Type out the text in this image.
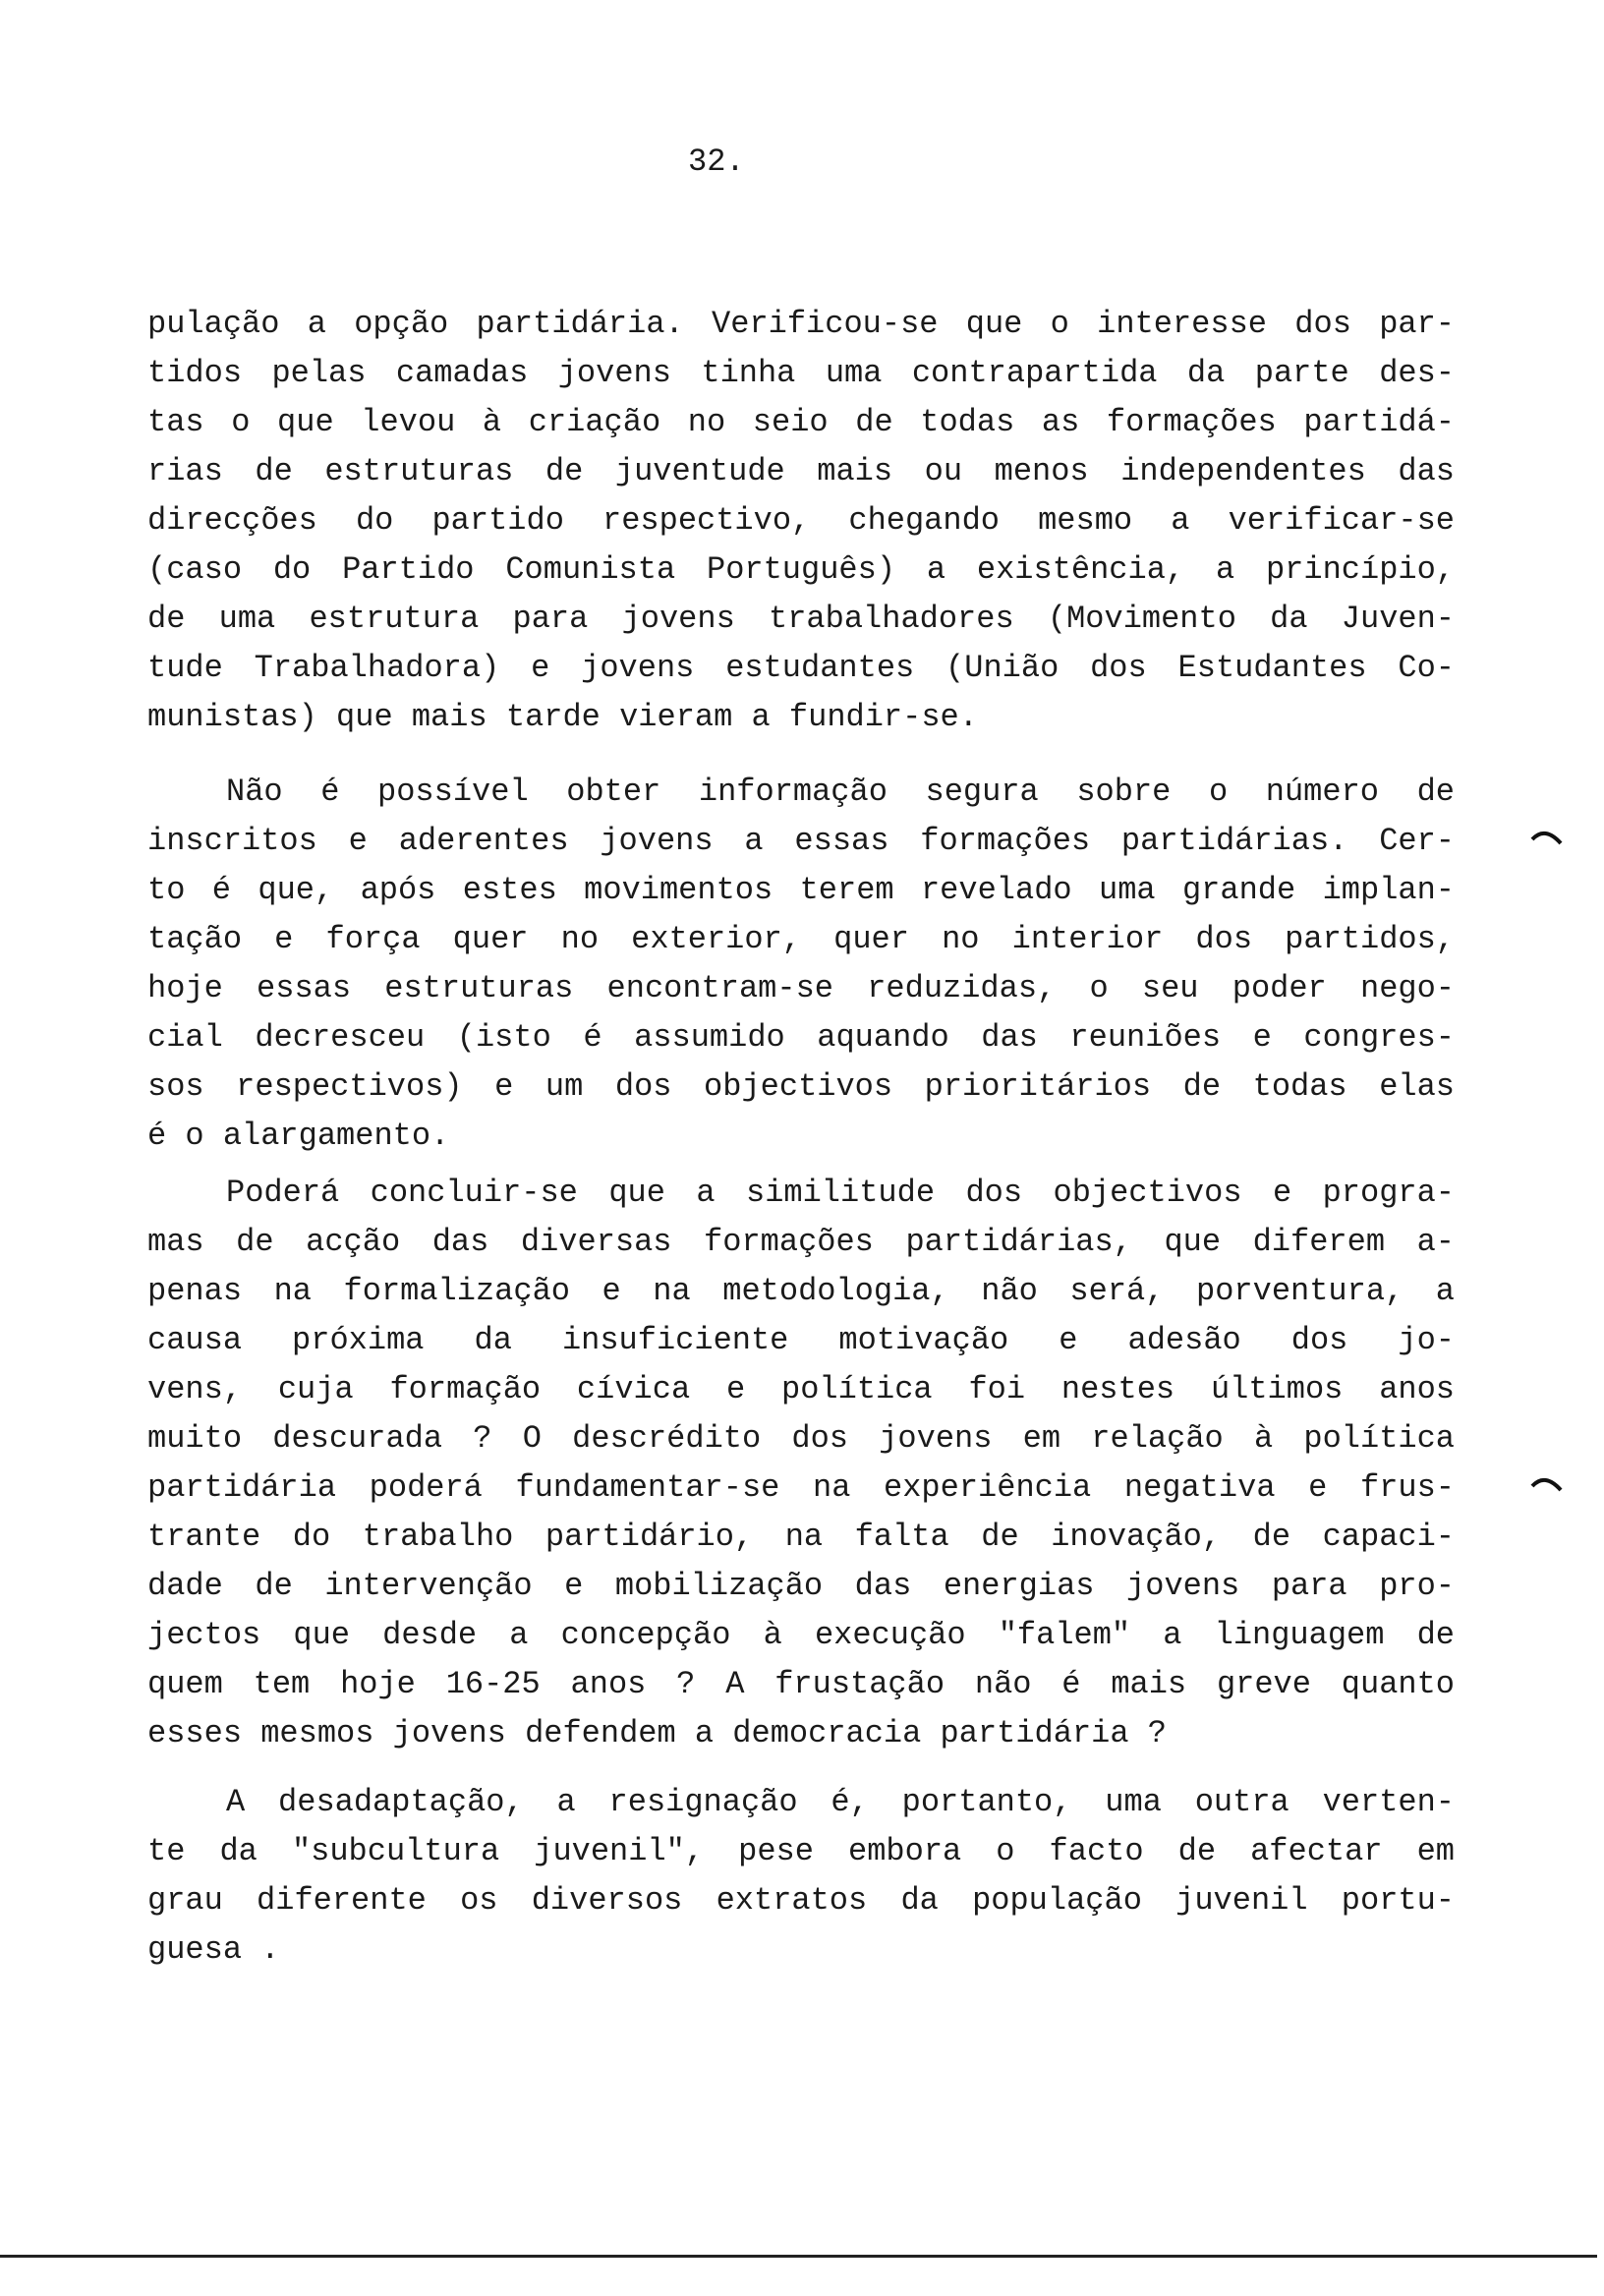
32.
pulação a opção partidária. Verificou-se que o interesse dos par-
tidos pelas camadas jovens tinha uma contrapartida da parte des-
tas o que levou à criação no seio de todas as formações partidá-
rias de estruturas de juventude mais ou menos independentes das
direcções do partido respectivo, chegando mesmo a verificar-se
(caso do Partido Comunista Português) a existência, a princípio,
de uma estrutura para jovens trabalhadores (Movimento da Juven-
tude Trabalhadora) e jovens estudantes (União dos Estudantes Co-
munistas) que mais tarde vieram a fundir-se.
Não é possível obter informação segura sobre o número de
inscritos e aderentes jovens a essas formações partidárias. Cer-
to é que, após estes movimentos terem revelado uma grande implan-
tação e força quer no exterior, quer no interior dos partidos,
hoje essas estruturas encontram-se reduzidas, o seu poder nego-
cial decresceu (isto é assumido aquando das reuniões e congres-
sos respectivos) e um dos objectivos prioritários de todas elas
é o alargamento.
Poderá concluir-se que a similitude dos objectivos e progra-
mas de acção das diversas formações partidárias, que diferem a-
penas na formalização e na metodologia, não será, porventura, a
causa próxima da insuficiente motivação e adesão dos jo-
vens, cuja formação cívica e política foi nestes últimos anos
muito descurada ? O descrédito dos jovens em relação à política
partidária poderá fundamentar-se na experiência negativa e frus-
trante do trabalho partidário, na falta de inovação, de capaci-
dade de intervenção e mobilização das energias jovens para pro-
jectos que desde a concepção à execução "falem" a linguagem de
quem tem hoje 16-25 anos ? A frustação não é mais greve quanto
esses mesmos jovens defendem a democracia partidária ?
A desadaptação, a resignação é, portanto, uma outra verten-
te da "subcultura juvenil", pese embora o facto de afectar em
grau diferente os diversos extratos da população juvenil portu-
guesa .
